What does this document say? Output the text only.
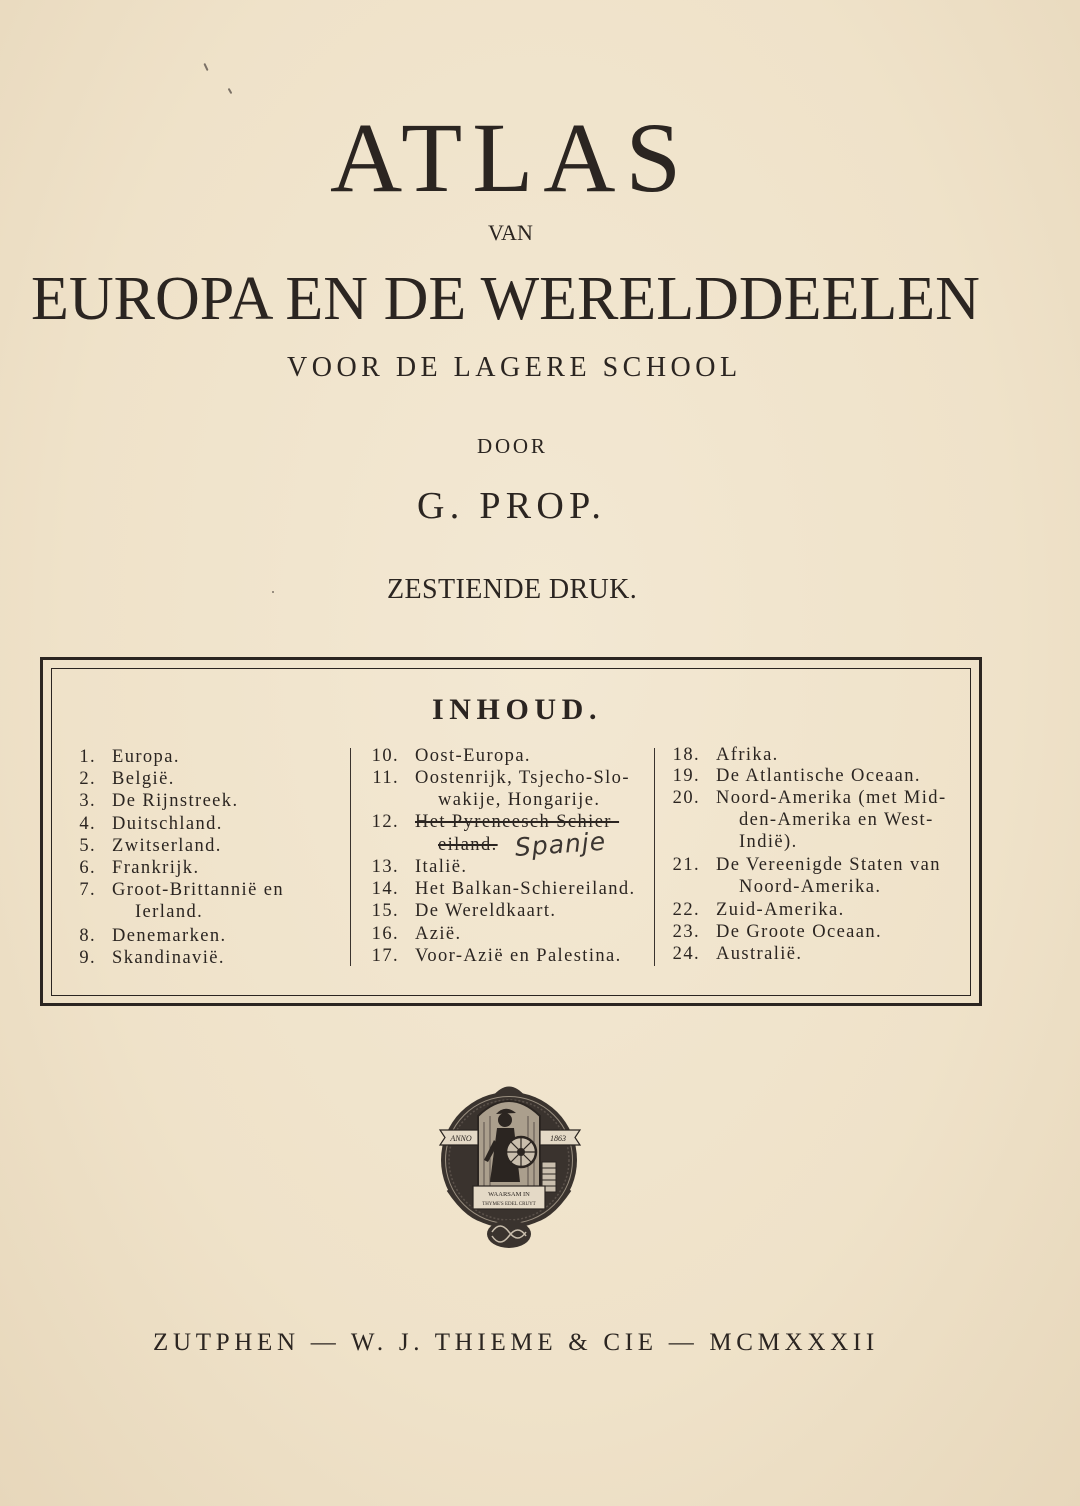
ATLAS
VAN
EUROPA EN DE WERELDDEELEN
VOOR DE LAGERE SCHOOL
DOOR
G. PROP.
ZESTIENDE DRUK.
INHOUD.
1. Europa.
2. België.
3. De Rijnstreek.
4. Duitschland.
5. Zwitserland.
6. Frankrijk.
7. Groot-Brittannië en
Ierland.
8. Denemarken.
9. Skandinavië.
10. Oost-Europa.
11. Oostenrijk, Tsjecho-Slo-
wakije, Hongarije.
12. Het Pyreneesch Schier-
eiland. Spanje
13. Italië.
14. Het Balkan-Schiereiland.
15. De Wereldkaart.
16. Azië.
17. Voor-Azië en Palestina.
18. Afrika.
19. De Atlantische Oceaan.
20. Noord-Amerika (met Mid-
den-Amerika en West-
Indië).
21. De Vereenigde Staten van
Noord-Amerika.
22. Zuid-Amerika.
23. De Groote Oceaan.
24. Australië.
ANNO	1863
WAARSAM IN
THYME'S EDEL CRUYT
ZUTPHEN — W. J. THIEME & CIE — MCMXXXII
